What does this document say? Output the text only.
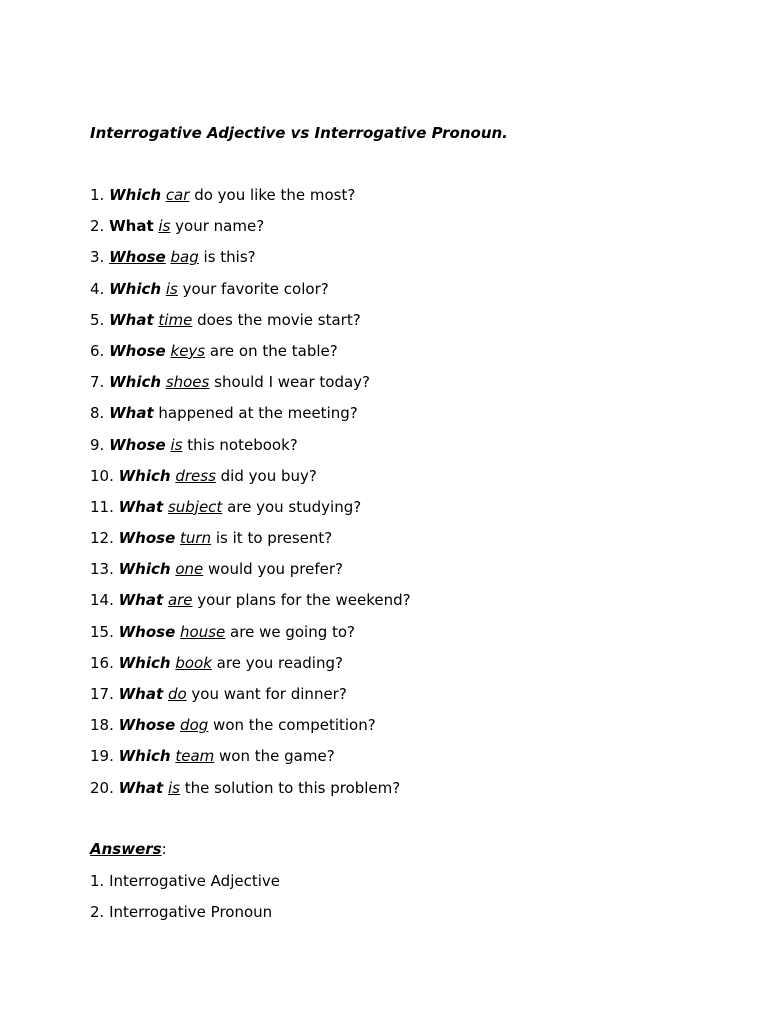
Interrogative Adjective vs Interrogative Pronoun.
1. Which car do you like the most?
2. What is your name?
3. Whose bag is this?
4. Which is your favorite color?
5. What time does the movie start?
6. Whose keys are on the table?
7. Which shoes should I wear today?
8. What happened at the meeting?
9. Whose is this notebook?
10. Which dress did you buy?
11. What subject are you studying?
12. Whose turn is it to present?
13. Which one would you prefer?
14. What are your plans for the weekend?
15. Whose house are we going to?
16. Which book are you reading?
17. What do you want for dinner?
18. Whose dog won the competition?
19. Which team won the game?
20. What is the solution to this problem?
Answers:
1. Interrogative Adjective
2. Interrogative Pronoun
